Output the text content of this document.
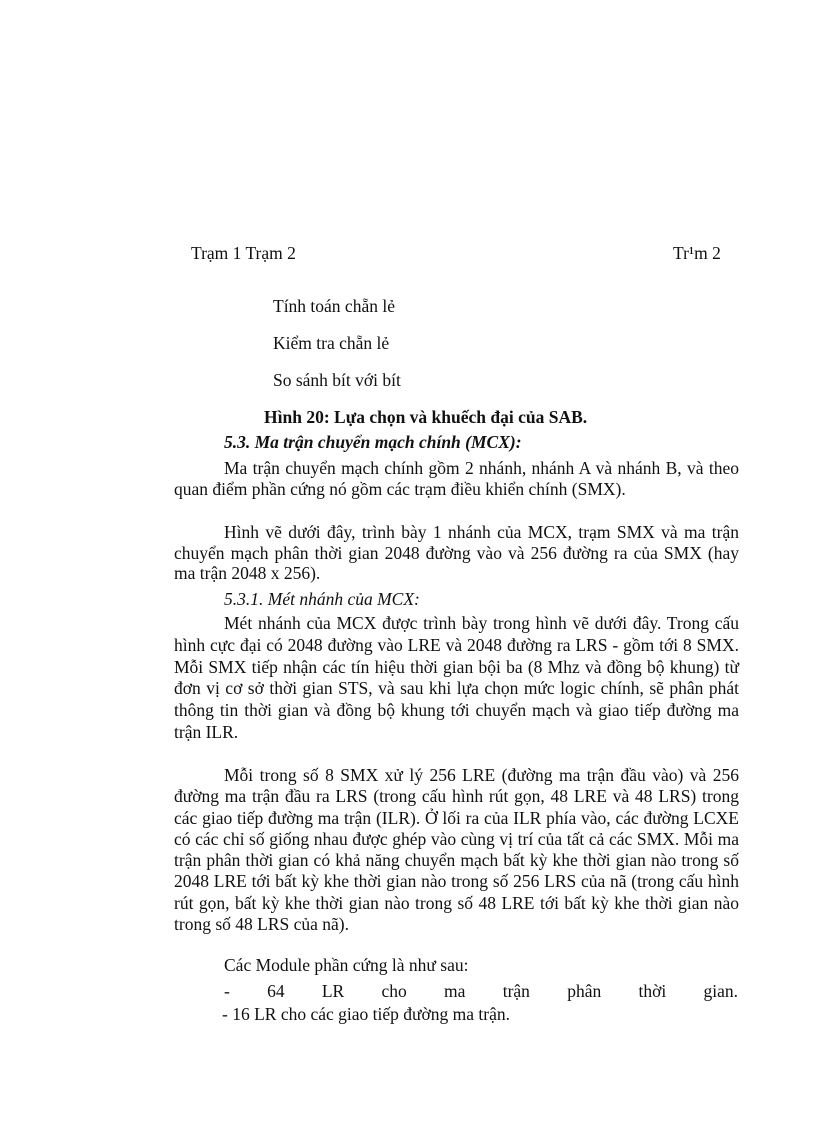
Trạm 1 Trạm 2	Tr¹m 2
Tính toán chẵn lẻ
Kiểm tra chẵn lẻ
So sánh bít với bít
Hình 20: Lựa chọn và khuếch đại của SAB.
5.3. Ma trận chuyển mạch chính (MCX):

Ma trận chuyển mạch chính gồm 2 nhánh, nhánh A và nhánh B, và theo quan điểm phần cứng nó gồm các trạm điều khiển chính (SMX).

Hình vẽ dưới đây, trình bày 1 nhánh của MCX, trạm SMX và ma trận chuyển mạch phân thời gian 2048 đường vào và 256 đường ra của SMX (hay ma trận 2048 x 256).

5.3.1. Mét nhánh của MCX:

Mét nhánh của MCX được trình bày trong hình vẽ dưới đây. Trong cấu hình cực đại có 2048 đường vào LRE và 2048 đường ra LRS - gồm tới 8 SMX. Mỗi SMX tiếp nhận các tín hiệu thời gian bội ba (8 Mhz và đồng bộ khung) từ đơn vị cơ sở thời gian STS, và sau khi lựa chọn mức logic chính, sẽ phân phát thông tin thời gian và đồng bộ khung tới chuyển mạch và giao tiếp đường ma trận ILR.

Mỗi trong số 8 SMX xử lý 256 LRE (đường ma trận đầu vào) và 256 đường ma trận đầu ra LRS (trong cấu hình rút gọn, 48 LRE và 48 LRS) trong các giao tiếp đường ma trận (ILR). Ở lối ra của ILR phía vào, các đường LCXE có các chỉ số giống nhau được ghép vào cùng vị trí của tất cả các SMX. Mỗi ma trận phân thời gian có khả năng chuyển mạch bất kỳ khe thời gian nào trong số 2048 LRE tới bất kỳ khe thời gian nào trong số 256 LRS của nã (trong cấu hình rút gọn, bất kỳ khe thời gian nào trong số 48 LRE tới bất kỳ khe thời gian nào trong số 48 LRS của nã).

Các Module phần cứng là như sau:
- 64 LR cho ma trận phân thời gian.
- 16 LR cho các giao tiếp đường ma trận.
